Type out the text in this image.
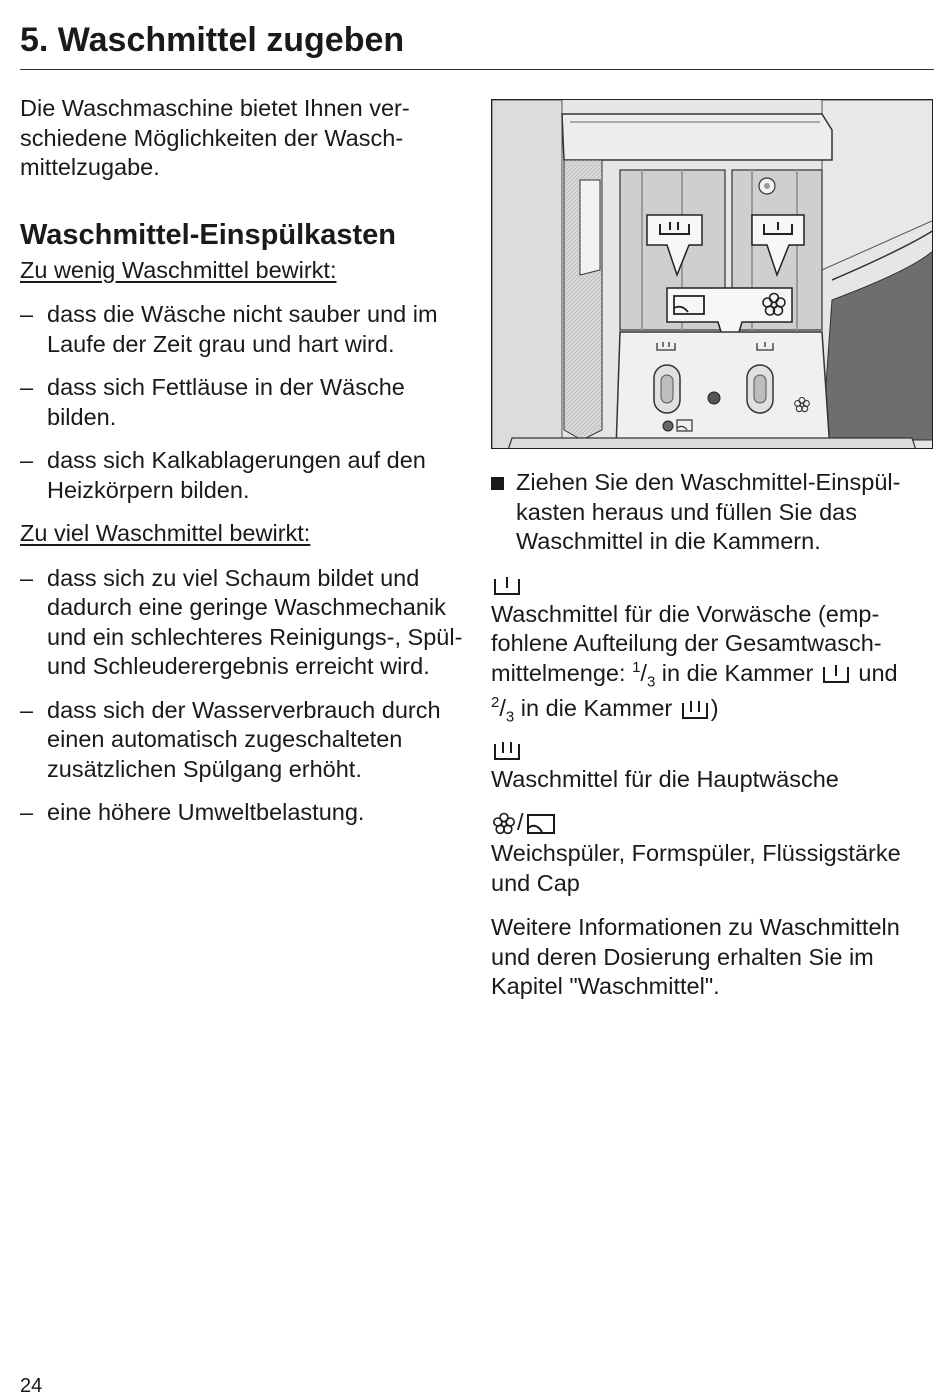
5. Waschmittel zugeben

Die Waschmaschine bietet Ihnen verschiedene Möglichkeiten der Waschmittelzugabe.

Waschmittel-Einspülkasten

Zu wenig Waschmittel bewirkt:

– dass die Wäsche nicht sauber und im Laufe der Zeit grau und hart wird.

– dass sich Fettläuse in der Wäsche bilden.

– dass sich Kalkablagerungen auf den Heizkörpern bilden.

Zu viel Waschmittel bewirkt:

– dass sich zu viel Schaum bildet und dadurch eine geringe Waschmechanik und ein schlechteres Reinigungs-, Spül- und Schleuderergebnis erreicht wird.

– dass sich der Wasserverbrauch durch einen automatisch zugeschalteten zusätzlichen Spülgang erhöht.

– eine höhere Umweltbelastung.

Ziehen Sie den Waschmittel-Einspülkasten heraus und füllen Sie das Waschmittel in die Kammern.

Waschmittel für die Vorwäsche (empfohlene Aufteilung der Gesamtwaschmittelmenge: $^1/_3$ in die Kammer  und
$^2/_3$ in die Kammer )

Waschmittel für die Hauptwäsche

/

Weichspüler, Formspüler, Flüssigstärke und Cap

Weitere Informationen zu Waschmitteln und deren Dosierung erhalten Sie im Kapitel "Waschmittel".

24
